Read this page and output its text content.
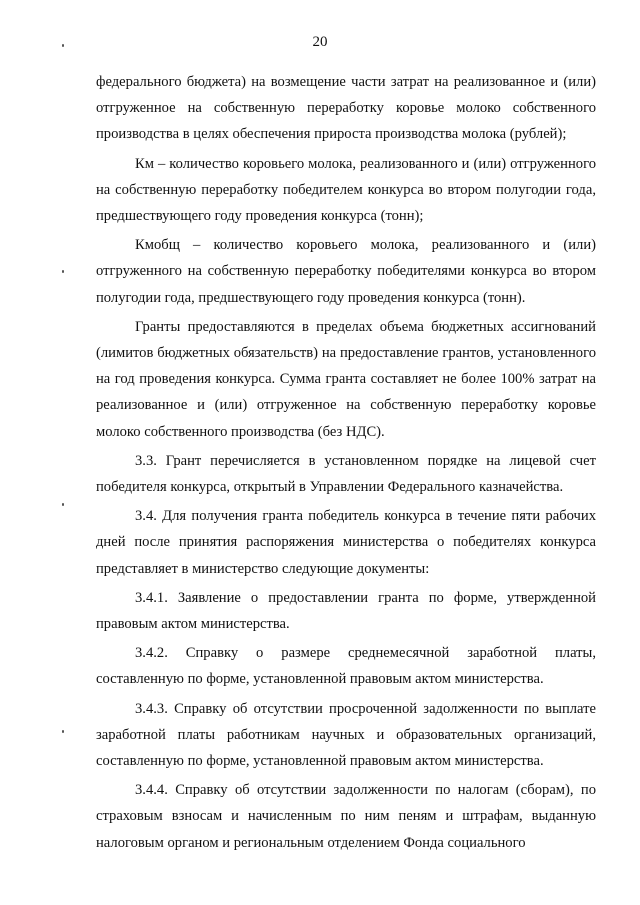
20

федерального бюджета) на возмещение части затрат на реализованное и (или) отгруженное на собственную переработку коровье молоко собственного производства в целях обеспечения прироста производства молока (рублей);

Км – количество коровьего молока, реализованного и (или) отгруженного на собственную переработку победителем конкурса во втором полугодии года, предшествующего году проведения конкурса (тонн);

Кмобщ – количество коровьего молока, реализованного и (или) отгруженного на собственную переработку победителями конкурса во втором полугодии года, предшествующего году проведения конкурса (тонн).

Гранты предоставляются в пределах объема бюджетных ассигнований (лимитов бюджетных обязательств) на предоставление грантов, установленного на год проведения конкурса. Сумма гранта составляет не более 100% затрат на реализованное и (или) отгруженное на собственную переработку коровье молоко собственного производства (без НДС).

3.3. Грант перечисляется в установленном порядке на лицевой счет победителя конкурса, открытый в Управлении Федерального казначейства.

3.4. Для получения гранта победитель конкурса в течение пяти рабочих дней после принятия распоряжения министерства о победителях конкурса представляет в министерство следующие документы:

3.4.1. Заявление о предоставлении гранта по форме, утвержденной правовым актом министерства.

3.4.2. Справку о размере среднемесячной заработной платы, составленную по форме, установленной правовым актом министерства.

3.4.3. Справку об отсутствии просроченной задолженности по выплате заработной платы работникам научных и образовательных организаций, составленную по форме, установленной правовым актом министерства.

3.4.4. Справку об отсутствии задолженности по налогам (сборам), по страховым взносам и начисленным по ним пеням и штрафам, выданную налоговым органом и региональным отделением Фонда социального
